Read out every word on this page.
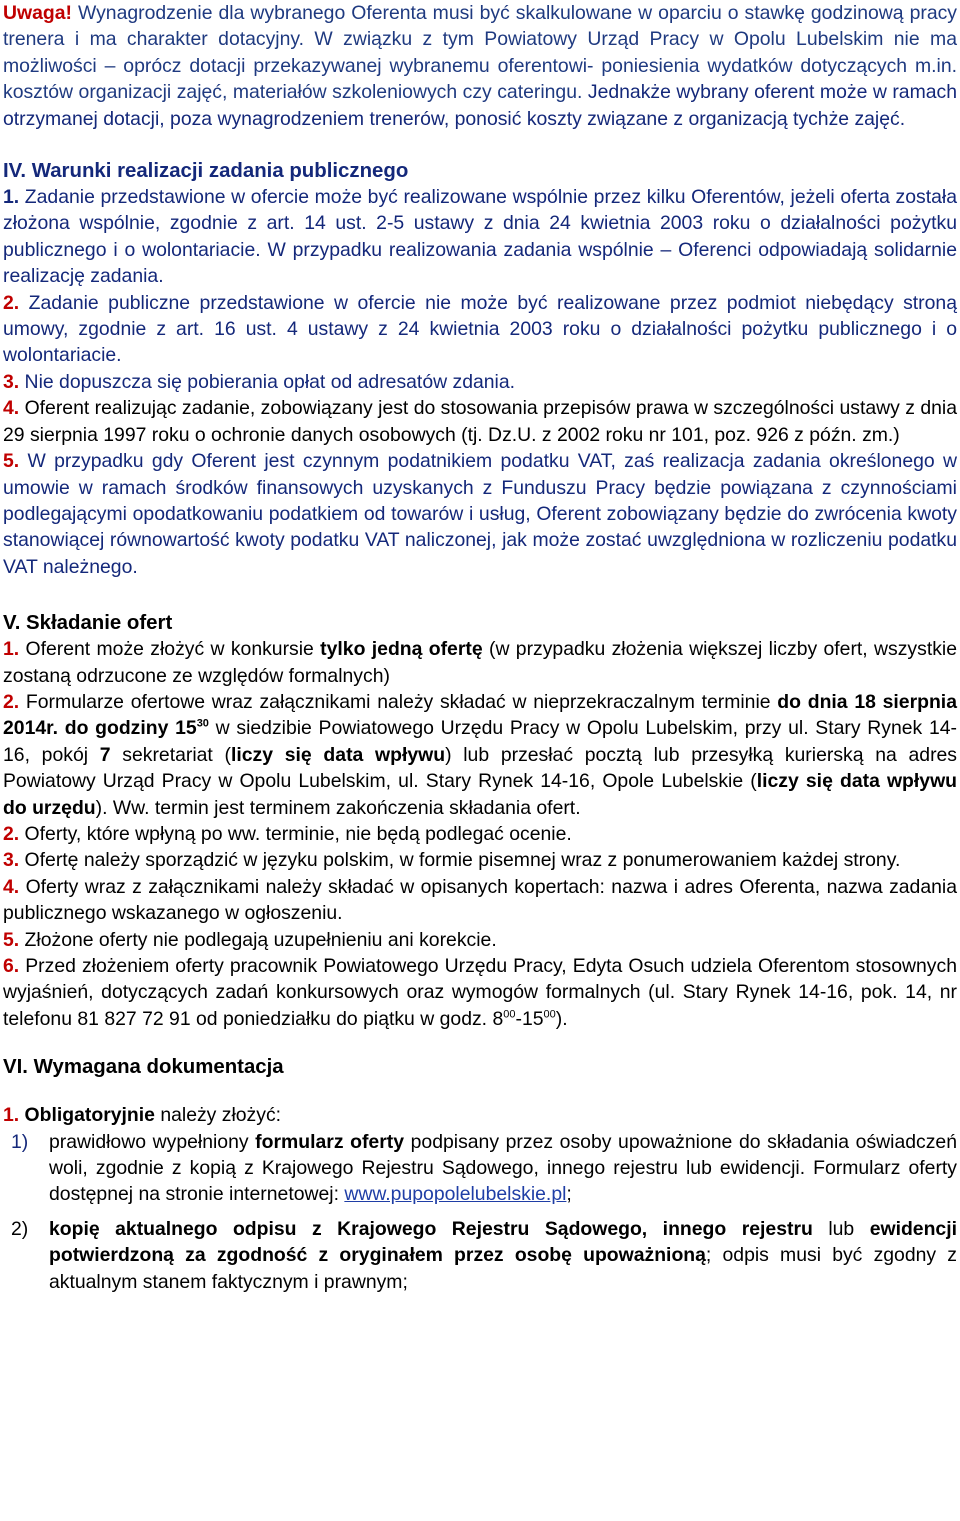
Uwaga! Wynagrodzenie dla wybranego Oferenta musi być skalkulowane w oparciu o stawkę godzinową pracy trenera i ma charakter dotacyjny. W związku z tym Powiatowy Urząd Pracy w Opolu Lubelskim nie ma możliwości – oprócz dotacji przekazywanej wybranemu oferentowi- poniesienia wydatków dotyczących m.in. kosztów organizacji zajęć, materiałów szkoleniowych czy cateringu. Jednakże wybrany oferent może w ramach otrzymanej dotacji, poza wynagrodzeniem trenerów, ponosić koszty związane z organizacją tychże zajęć.

IV. Warunki realizacji zadania publicznego

1. Zadanie przedstawione w ofercie może być realizowane wspólnie przez kilku Oferentów, jeżeli oferta została złożona wspólnie, zgodnie z art. 14 ust. 2-5 ustawy z dnia 24 kwietnia 2003 roku o działalności pożytku publicznego i o wolontariacie. W przypadku realizowania zadania wspólnie – Oferenci odpowiadają solidarnie realizację zadania.

2. Zadanie publiczne przedstawione w ofercie nie może być realizowane przez podmiot niebędący stroną umowy, zgodnie z art. 16 ust. 4 ustawy z 24 kwietnia 2003 roku o działalności pożytku publicznego i o wolontariacie.

3. Nie dopuszcza się pobierania opłat od adresatów zdania.

4. Oferent realizując zadanie, zobowiązany jest do stosowania przepisów prawa w szczególności ustawy z dnia 29 sierpnia 1997 roku o ochronie danych osobowych (tj. Dz.U. z 2002 roku nr 101, poz. 926 z późn. zm.)

5. W przypadku gdy Oferent jest czynnym podatnikiem podatku VAT, zaś realizacja zadania określonego w umowie w ramach środków finansowych uzyskanych z Funduszu Pracy będzie powiązana z czynnościami podlegającymi opodatkowaniu podatkiem od towarów i usług, Oferent zobowiązany będzie do zwrócenia kwoty stanowiącej równowartość kwoty podatku VAT naliczonej, jak może zostać uwzględniona w rozliczeniu podatku VAT należnego.

V. Składanie ofert

1. Oferent może złożyć w konkursie tylko jedną ofertę (w przypadku złożenia większej liczby ofert, wszystkie zostaną odrzucone ze względów formalnych)

2. Formularze ofertowe wraz załącznikami należy składać w nieprzekraczalnym terminie do dnia 18 sierpnia 2014r. do godziny $15^{30}$ w siedzibie Powiatowego Urzędu Pracy w Opolu Lubelskim, przy ul. Stary Rynek 14-16, pokój 7 sekretariat (liczy się data wpływu) lub przesłać pocztą lub przesyłką kurierską na adres Powiatowy Urząd Pracy w Opolu Lubelskim, ul. Stary Rynek 14-16, Opole Lubelskie (liczy się data wpływu do urzędu). Ww. termin jest terminem zakończenia składania ofert.

2. Oferty, które wpłyną po ww. terminie, nie będą podlegać ocenie.

3. Ofertę należy sporządzić w języku polskim, w formie pisemnej wraz z ponumerowaniem każdej strony.

4. Oferty wraz z załącznikami należy składać w opisanych kopertach: nazwa i adres Oferenta, nazwa zadania publicznego wskazanego w ogłoszeniu.

5. Złożone oferty nie podlegają uzupełnieniu ani korekcie.

6. Przed złożeniem oferty pracownik Powiatowego Urzędu Pracy, Edyta Osuch udziela Oferentom stosownych wyjaśnień, dotyczących zadań konkursowych oraz wymogów formalnych (ul. Stary Rynek 14-16, pok. 14, nr telefonu 81 827 72 91 od poniedziałku do piątku w godz. $8^{00}-15^{00}$).

VI. Wymagana dokumentacja

1. Obligatoryjnie należy złożyć:

1) prawidłowo wypełniony formularz oferty podpisany przez osoby upoważnione do składania oświadczeń woli, zgodnie z kopią z Krajowego Rejestru Sądowego, innego rejestru lub ewidencji. Formularz oferty dostępnej na stronie internetowej: www.pupopolelubelskie.pl;
2) kopię aktualnego odpisu z Krajowego Rejestru Sądowego, innego rejestru lub ewidencji potwierdzoną za zgodność z oryginałem przez osobę upoważnioną; odpis musi być zgodny z aktualnym stanem faktycznym i prawnym;
